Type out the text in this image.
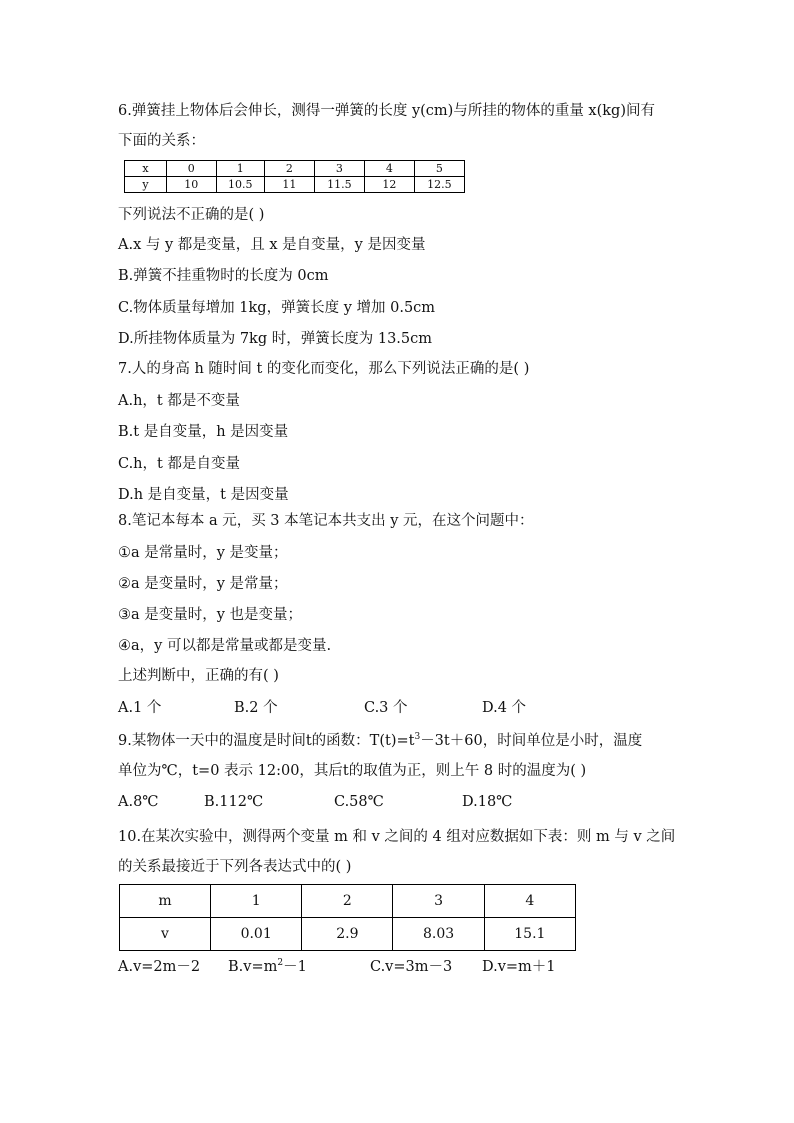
6.弹簧挂上物体后会伸长，测得一弹簧的长度 y(cm)与所挂的物体的重量 x(kg)间有
下面的关系：
x	0	1	2	3	4	5
y	10	10.5	11	11.5	12	12.5
下列说法不正确的是( )
A.x 与 y 都是变量，且 x 是自变量，y 是因变量
B.弹簧不挂重物时的长度为 0cm
C.物体质量每增加 1kg，弹簧长度 y 增加 0.5cm
D.所挂物体质量为 7kg 时，弹簧长度为 13.5cm
7.人的身高 h 随时间 t 的变化而变化，那么下列说法正确的是( )
A.h，t 都是不变量
B.t 是自变量，h 是因变量
C.h，t 都是自变量
D.h 是自变量，t 是因变量
8.笔记本每本 a 元，买 3 本笔记本共支出 y 元，在这个问题中：
①a 是常量时，y 是变量；
②a 是变量时，y 是常量；
③a 是变量时，y 也是变量；
④a，y 可以都是常量或都是变量.
上述判断中，正确的有( )
A.1 个	B.2 个	C.3 个	D.4 个
9.某物体一天中的温度是时间t的函数：$T(t)=t^3-3t+60$，时间单位是小时，温度
单位为℃，t=0 表示 12:00，其后t的取值为正，则上午 8 时的温度为( )
A.8℃	B.112℃	C.58℃	D.18℃
10.在某次实验中，测得两个变量 m 和 v 之间的 4 组对应数据如下表：则 m 与 v 之间
的关系最接近于下列各表达式中的( )
m	1	2	3	4
v	0.01	2.9	8.03	15.1
A.v=2m－2 $B.v=m^2-1$	C.v=3m－3 D.v=m＋1
